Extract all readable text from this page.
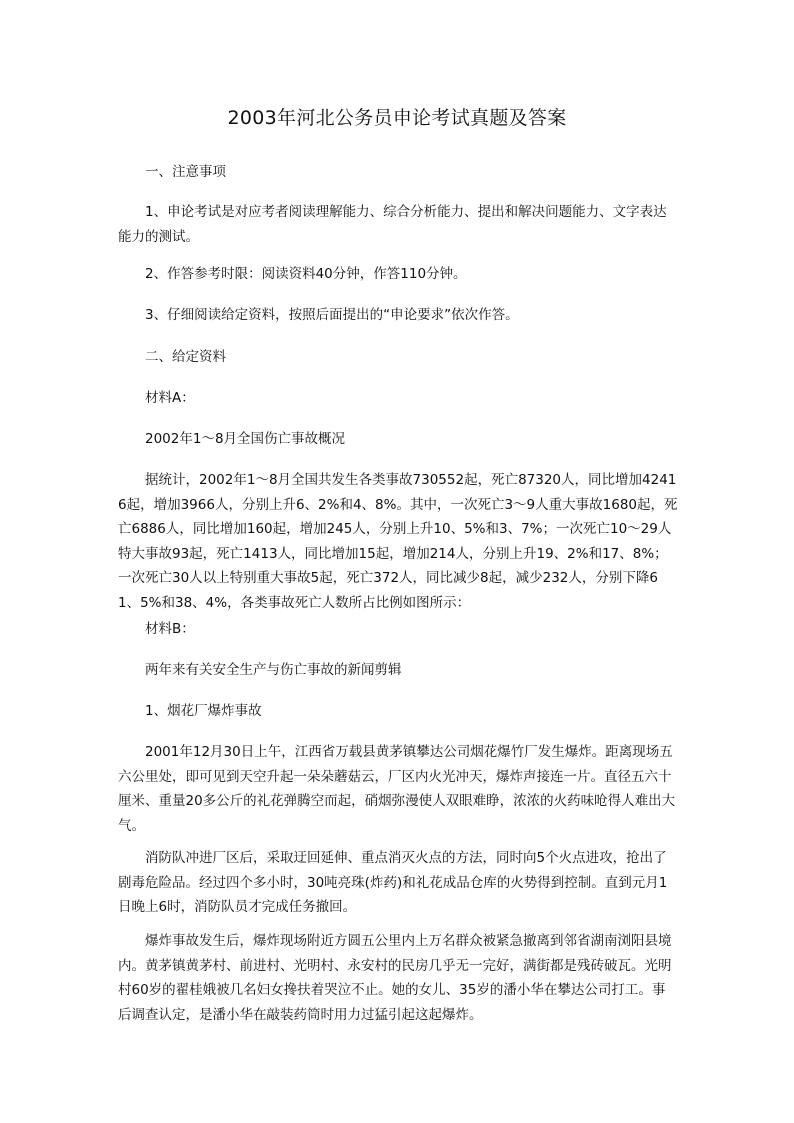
2003年河北公务员申论考试真题及答案

一、注意事项

1、申论考试是对应考者阅读理解能力、综合分析能力、提出和解决问题能力、文字表达能力的测试。

2、作答参考时限：阅读资料40分钟，作答110分钟。

3、仔细阅读给定资料，按照后面提出的“申论要求”依次作答。

二、给定资料

材料A：

2002年1～8月全国伤亡事故概况

据统计，2002年1～8月全国共发生各类事故730552起，死亡87320人，同比增加42416起，增加3966人，分别上升6、2%和4、8%。其中，一次死亡3～9人重大事故1680起，死亡6886人，同比增加160起，增加245人，分别上升10、5%和3、7%；一次死亡10～29人特大事故93起，死亡1413人，同比增加15起，增加214人，分别上升19、2%和17、8%；一次死亡30人以上特别重大事故5起，死亡372人，同比减少8起，减少232人，分别下降61、5%和38、4%，各类事故死亡人数所占比例如图所示：

材料B：

两年来有关安全生产与伤亡事故的新闻剪辑

1、烟花厂爆炸事故

2001年12月30日上午，江西省万载县黄茅镇攀达公司烟花爆竹厂发生爆炸。距离现场五六公里处，即可见到天空升起一朵朵蘑菇云，厂区内火光冲天，爆炸声接连一片。直径五六十厘米、重量20多公斤的礼花弹腾空而起，硝烟弥漫使人双眼难睁，浓浓的火药味呛得人难出大气。

消防队冲进厂区后，采取迂回延伸、重点消灭火点的方法，同时向5个火点进攻，抢出了剧毒危险品。经过四个多小时，30吨亮珠(炸药)和礼花成品仓库的火势得到控制。直到元月1日晚上6时，消防队员才完成任务撤回。

爆炸事故发生后，爆炸现场附近方圆五公里内上万名群众被紧急撤离到邻省湖南浏阳县境内。黄茅镇黄茅村、前进村、光明村、永安村的民房几乎无一完好，满街都是残砖破瓦。光明村60岁的翟桂娥被几名妇女搀扶着哭泣不止。她的女儿、35岁的潘小华在攀达公司打工。事后调查认定，是潘小华在敲装药筒时用力过猛引起这起爆炸。
